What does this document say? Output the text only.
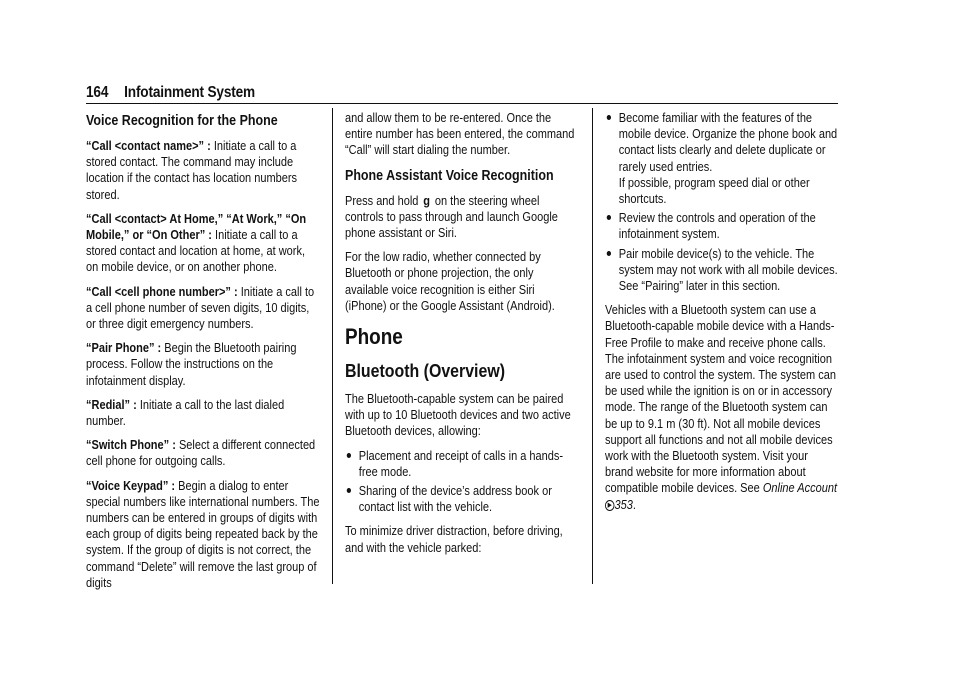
164 Infotainment System
Voice Recognition for the Phone

“Call <contact name>” : Initiate a call to a stored contact. The command may include location if the contact has location numbers stored.

“Call <contact> At Home,” “At Work,” “On Mobile,” or “On Other” : Initiate a call to a stored contact and location at home, at work, on mobile device, or on another phone.

“Call <cell phone number>” : Initiate a call to a cell phone number of seven digits, 10 digits, or three digit emergency numbers.

“Pair Phone” : Begin the Bluetooth pairing process. Follow the instructions on the infotainment display.

“Redial” : Initiate a call to the last dialed number.

“Switch Phone” : Select a different connected cell phone for outgoing calls.

“Voice Keypad” : Begin a dialog to enter special numbers like international numbers. The numbers can be entered in groups of digits with each group of digits being repeated back by the system. If the group of digits is not correct, the command “Delete” will remove the last group of digits

and allow them to be re-entered. Once the entire number has been entered, the command “Call” will start dialing the number.

Phone Assistant Voice Recognition

Press and hold g on the steering wheel controls to pass through and launch Google phone assistant or Siri.

For the low radio, whether connected by Bluetooth or phone projection, the only available voice recognition is either Siri (iPhone) or the Google Assistant (Android).

Phone
Bluetooth (Overview)

The Bluetooth-capable system can be paired with up to 10 Bluetooth devices and two active Bluetooth devices, allowing:

Placement and receipt of calls in a hands-free mode.
Sharing of the device’s address book or contact list with the vehicle.

To minimize driver distraction, before driving, and with the vehicle parked:

Become familiar with the features of the mobile device. Organize the phone book and contact lists clearly and delete duplicate or rarely used entries.
If possible, program speed dial or other shortcuts.
Review the controls and operation of the infotainment system.
Pair mobile device(s) to the vehicle. The system may not work with all mobile devices. See “Pairing” later in this section.

Vehicles with a Bluetooth system can use a Bluetooth-capable mobile device with a Hands-Free Profile to make and receive phone calls. The infotainment system and voice recognition are used to control the system. The system can be used while the ignition is on or in accessory mode. The range of the Bluetooth system can be up to 9.1 m (30 ft). Not all mobile devices support all functions and not all mobile devices work with the Bluetooth system. Visit your brand website for more information about compatible mobile devices. See Online Account ▶ 353.
